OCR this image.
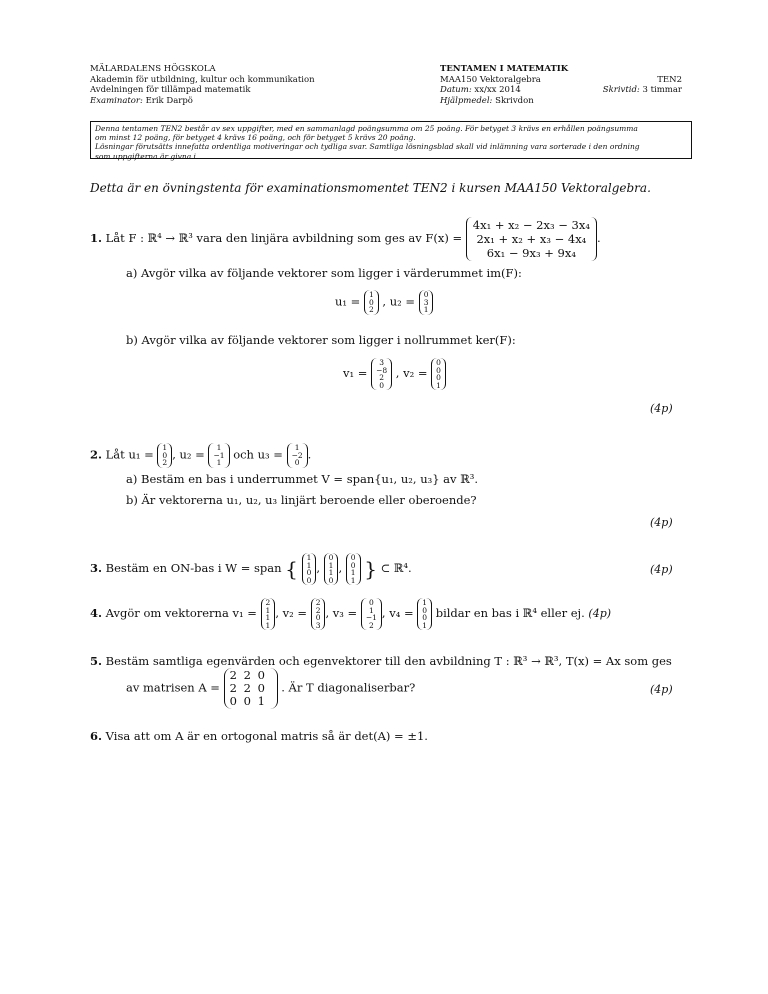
MÄLARDALENS HÖGSKOLA
Akademin för utbildning, kultur och kommunikation
Avdelningen för tillämpad matematik
Examinator: Erik Darpö
TENTAMEN I MATEMATIK
MAA150 Vektoralgebra	TEN2
Datum: xx/xx 2014	Skrivtid: 3 timmar
Hjälpmedel: Skrivdon
Denna tentamen TEN2 består av sex uppgifter, med en sammanlagd poängsumma om 25 poäng. För betyget 3 krävs en erhållen poängsumma
om minst 12 poäng, för betyget 4 krävs 16 poäng, och för betyget 5 krävs 20 poäng.
Lösningar förutsätts innefatta ordentliga motiveringar och tydliga svar. Samtliga lösningsblad skall vid inlämning vara sorterade i den ordning
som uppgifterna är givna i.
Detta är en övningstenta för examinationsmomentet TEN2 i kursen MAA150 Vektoralgebra.
1. Låt F : ℝ⁴ → ℝ³ vara den linjära avbildning som ges av F(x) =
4x₁ + x₂ − 2x₃ − 3x₄
2x₁ + x₂ + x₃ − 4x₄
6x₁ − 9x₃ + 9x₄
.
a) Avgör vilka av följande vektorer som ligger i värderummet im(F):
u₁ = 1
0
2
, u₂ = 0
3
1
b) Avgör vilka av följande vektorer som ligger i nollrummet ker(F):
v₁ =
3
−8
2
0
, v₂ =
0
0
0
1
(4p)
2. Låt u₁ = 1
0
2
, u₂ =	1
−1
1
och u₃ =	1
−2
0
.
a) Bestäm en bas i underrummet V = span{u₁, u₂, u₃} av ℝ³.
b) Är vektorerna u₁, u₂, u₃ linjärt beroende eller oberoende?
(4p)
3. Bestäm en ON-bas i W = span { 1
1
0
0
,
0
1
1
0
,
0
0
1
1 } ⊂ ℝ⁴.	(4p)
4. Avgör om vektorerna v₁ =
2
1
1
1
, v₂ =
2
2
0
3
, v₃ =
0
1
−1
2
, v₄ =
1
0
0
1
bildar en bas i ℝ⁴ eller ej. (4p)
5. Bestäm samtliga egenvärden och egenvektorer till den avbildning T : ℝ³ → ℝ³, T(x) = Ax som ges
av matrisen A =
2 2 0
2 2 0
0 0 1
. Är T diagonaliserbar?	(4p)
6. Visa att om A är en ortogonal matris så är det(A) = ±1.
